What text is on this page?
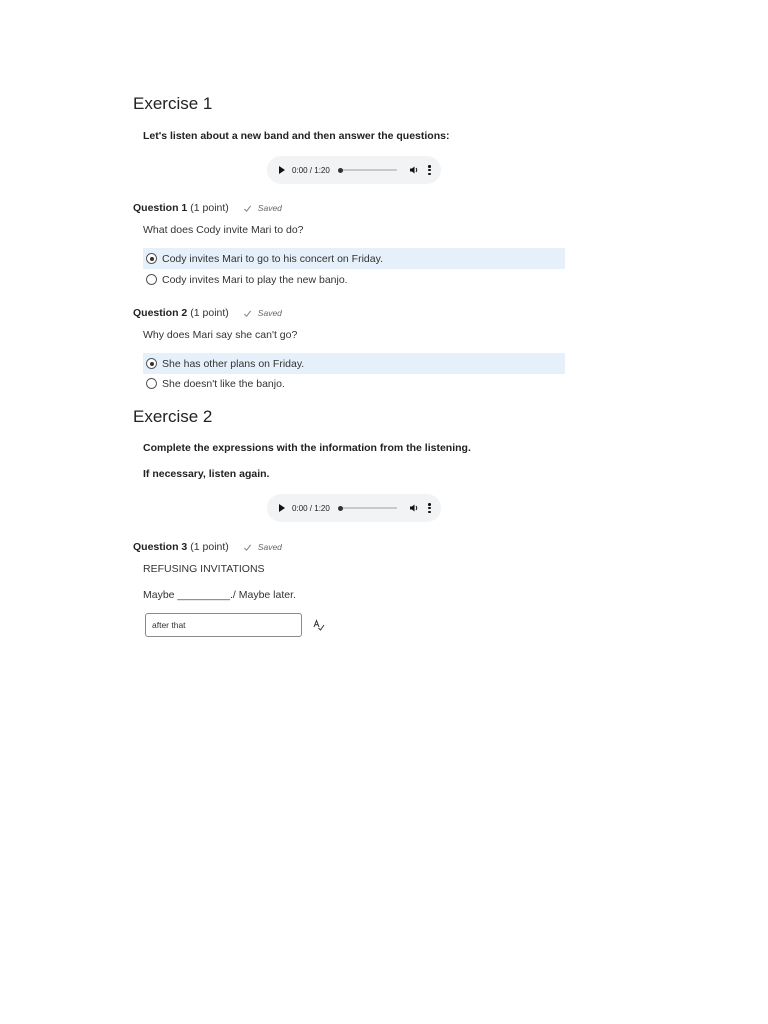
Exercise 1
Let's listen about a new band and then answer the questions:
0:00 / 1:20
Question 1 (1 point)	Saved
What does Cody invite Mari to do?
Cody invites Mari to go to his concert on Friday.
Cody invites Mari to play the new banjo.
Question 2 (1 point)	Saved
Why does Mari say she can't go?
She has other plans on Friday.
She doesn't like the banjo.
Exercise 2
Complete the expressions with the information from the listening.
If necessary, listen again.
0:00 / 1:20
Question 3 (1 point)	Saved
REFUSING INVITATIONS
Maybe _________./ Maybe later.
after that
